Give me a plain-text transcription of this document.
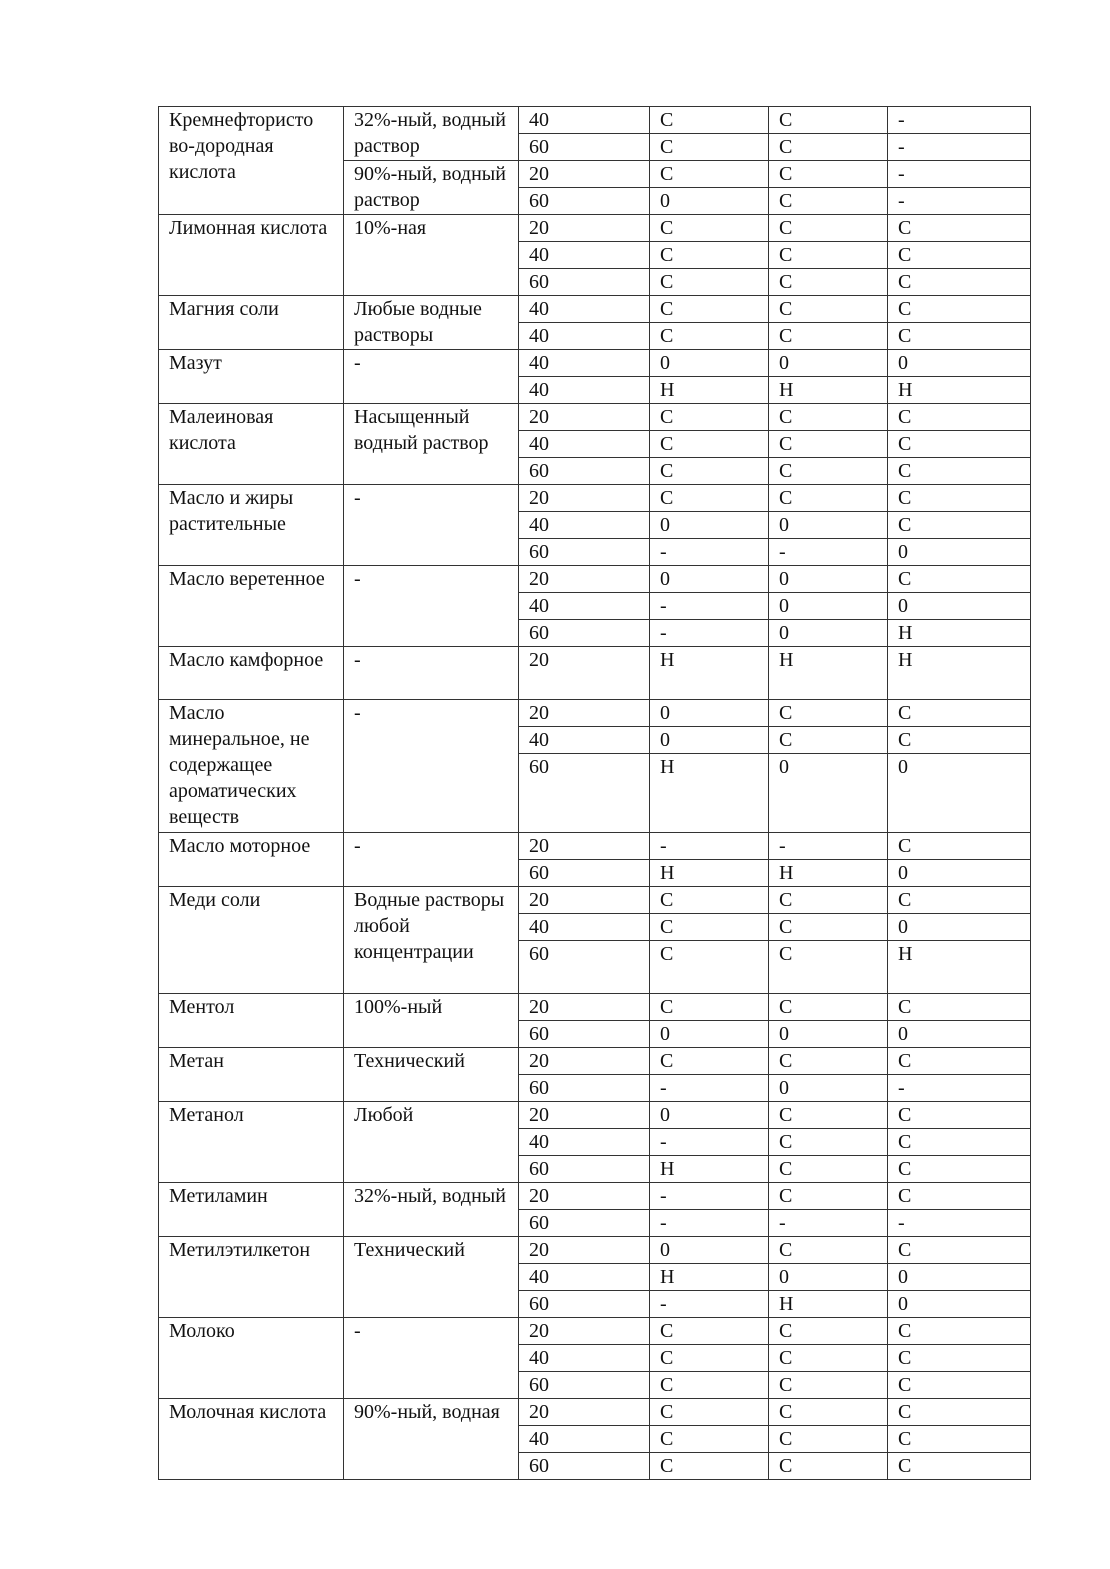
Кремнефтористо во-дородная кислота	32%-ный, водный раствор	40	C	C	-
		60	C	C	-
	90%-ный, водный раствор	20	C	C	-
		60	0	C	-
Лимонная кислота	10%-ная	20	C	C	C
		40	C	C	C
		60	C	C	C
Магния соли	Любые водные растворы	40	C	C	C
		40	C	C	C
Мазут	-	40	0	0	0
		40	Н	Н	Н
Малеиновая кислота	Насыщенный водный раствор	20	C	C	C
		40	C	C	C
		60	C	C	C
Масло и жиры растительные	-	20	C	C	C
		40	0	0	C
		60	-	-	0
Масло веретенное	-	20	0	0	C
		40	-	0	0
		60	-	0	Н
Масло камфорное	-	20	Н	Н	Н
Масло минеральное, не содержащее ароматических веществ	-	20	0	C	C
		40	0	C	C
		60	Н	0	0
Масло моторное	-	20	-	-	C
		60	Н	Н	0
Меди соли	Водные растворы любой концентрации	20	C	C	C
		40	C	C	0
		60	C	C	Н
Ментол	100%-ный	20	C	C	C
		60	0	0	0
Метан	Технический	20	C	C	C
		60	-	0	-
Метанол	Любой	20	0	C	C
		40	-	C	C
		60	Н	C	C
Метиламин	32%-ный, водный	20	-	C	C
		60	-	-	-
Метилэтилкетон	Технический	20	0	C	C
		40	Н	0	0
		60	-	Н	0
Молоко	-	20	C	C	C
		40	C	C	C
		60	C	C	C
Молочная кислота	90%-ный, водная	20	C	C	C
		40	C	C	C
		60	C	C	C
